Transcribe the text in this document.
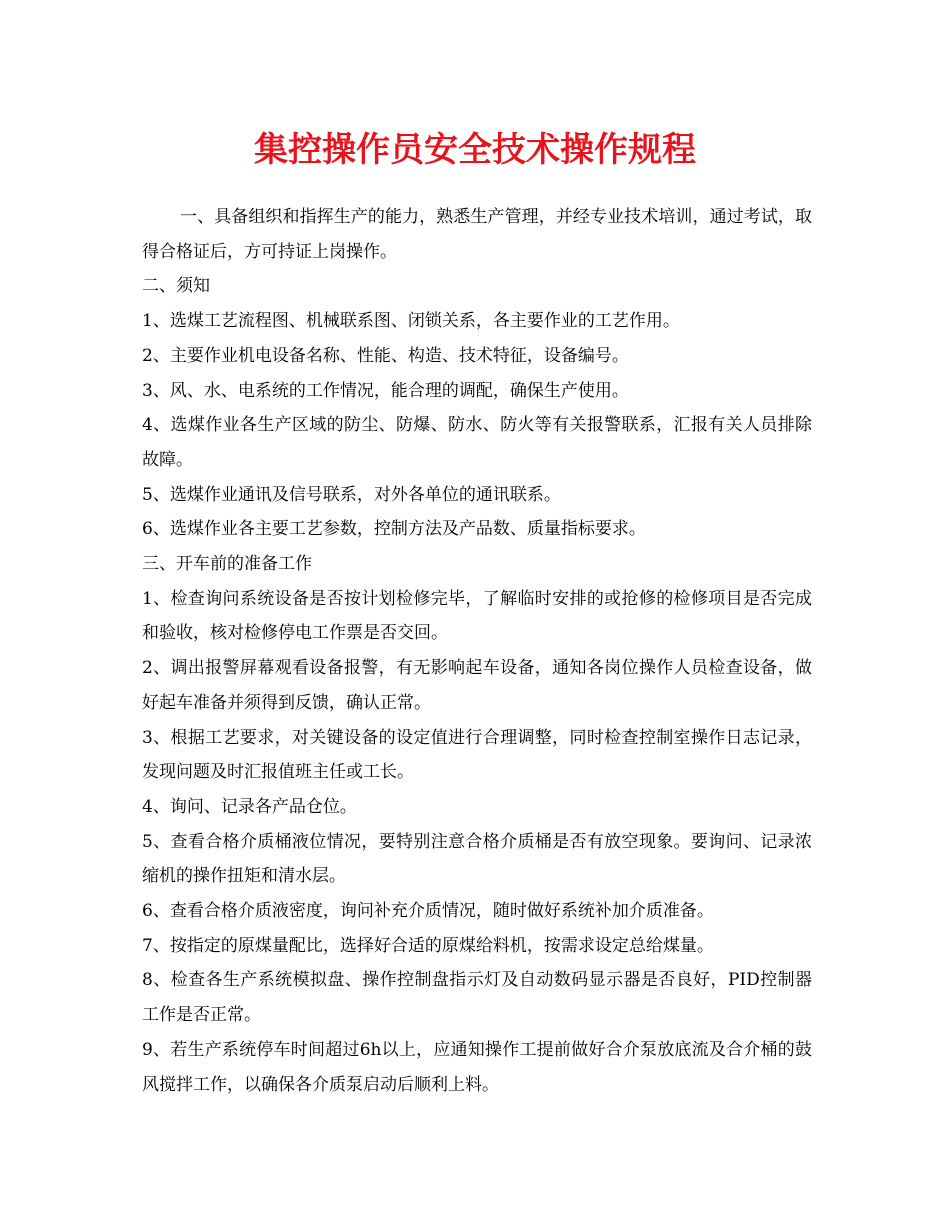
集控操作员安全技术操作规程

一、具备组织和指挥生产的能力，熟悉生产管理，并经专业技术培训，通过考试，取得合格证后，方可持证上岗操作。

二、须知

1、选煤工艺流程图、机械联系图、闭锁关系，各主要作业的工艺作用。

2、主要作业机电设备名称、性能、构造、技术特征，设备编号。

3、风、水、电系统的工作情况，能合理的调配，确保生产使用。

4、选煤作业各生产区域的防尘、防爆、防水、防火等有关报警联系，汇报有关人员排除故障。

5、选煤作业通讯及信号联系，对外各单位的通讯联系。

6、选煤作业各主要工艺参数，控制方法及产品数、质量指标要求。

三、开车前的准备工作

1、检查询问系统设备是否按计划检修完毕，了解临时安排的或抢修的检修项目是否完成和验收，核对检修停电工作票是否交回。

2、调出报警屏幕观看设备报警，有无影响起车设备，通知各岗位操作人员检查设备，做好起车准备并须得到反馈，确认正常。

3、根据工艺要求，对关键设备的设定值进行合理调整，同时检查控制室操作日志记录，发现问题及时汇报值班主任或工长。

4、询问、记录各产品仓位。

5、查看合格介质桶液位情况，要特别注意合格介质桶是否有放空现象。要询问、记录浓缩机的操作扭矩和清水层。

6、查看合格介质液密度，询问补充介质情况，随时做好系统补加介质准备。

7、按指定的原煤量配比，选择好合适的原煤给料机，按需求设定总给煤量。

8、检查各生产系统模拟盘、操作控制盘指示灯及自动数码显示器是否良好，PID控制器工作是否正常。

9、若生产系统停车时间超过6h以上，应通知操作工提前做好合介泵放底流及合介桶的鼓风搅拌工作，以确保各介质泵启动后顺利上料。
